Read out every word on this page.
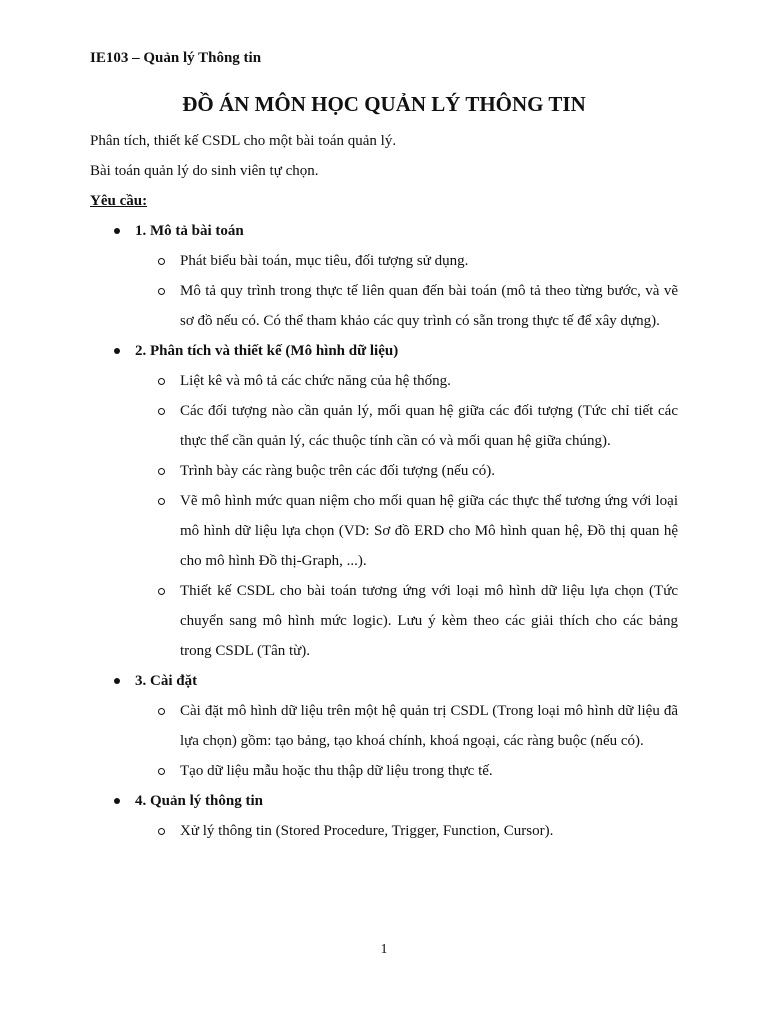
IE103 – Quản lý Thông tin
ĐỒ ÁN MÔN HỌC QUẢN LÝ THÔNG TIN
Phân tích, thiết kế CSDL cho một bài toán quản lý.
Bài toán quản lý do sinh viên tự chọn.
Yêu cầu:
1. Mô tả bài toán
Phát biểu bài toán, mục tiêu, đối tượng sử dụng.
Mô tả quy trình trong thực tế liên quan đến bài toán (mô tả theo từng bước, và vẽ sơ đồ nếu có. Có thể tham khảo các quy trình có sẵn trong thực tế để xây dựng).
2. Phân tích và thiết kế (Mô hình dữ liệu)
Liệt kê và mô tả các chức năng của hệ thống.
Các đối tượng nào cần quản lý, mối quan hệ giữa các đối tượng (Tức chỉ tiết các thực thể cần quản lý, các thuộc tính cần có và mối quan hệ giữa chúng).
Trình bày các ràng buộc trên các đối tượng (nếu có).
Vẽ mô hình mức quan niệm cho mối quan hệ giữa các thực thể tương ứng với loại mô hình dữ liệu lựa chọn (VD: Sơ đồ ERD cho Mô hình quan hệ, Đồ thị quan hệ cho mô hình Đồ thị-Graph, ...).
Thiết kế CSDL cho bài toán tương ứng với loại mô hình dữ liệu lựa chọn (Tức chuyển sang mô hình mức logic). Lưu ý kèm theo các giải thích cho các bảng trong CSDL (Tân từ).
3. Cài đặt
Cài đặt mô hình dữ liệu trên một hệ quản trị CSDL (Trong loại mô hình dữ liệu đã lựa chọn) gồm: tạo bảng, tạo khoá chính, khoá ngoại, các ràng buộc (nếu có).
Tạo dữ liệu mẫu hoặc thu thập dữ liệu trong thực tế.
4. Quản lý thông tin
Xử lý thông tin (Stored Procedure, Trigger, Function, Cursor).
1
